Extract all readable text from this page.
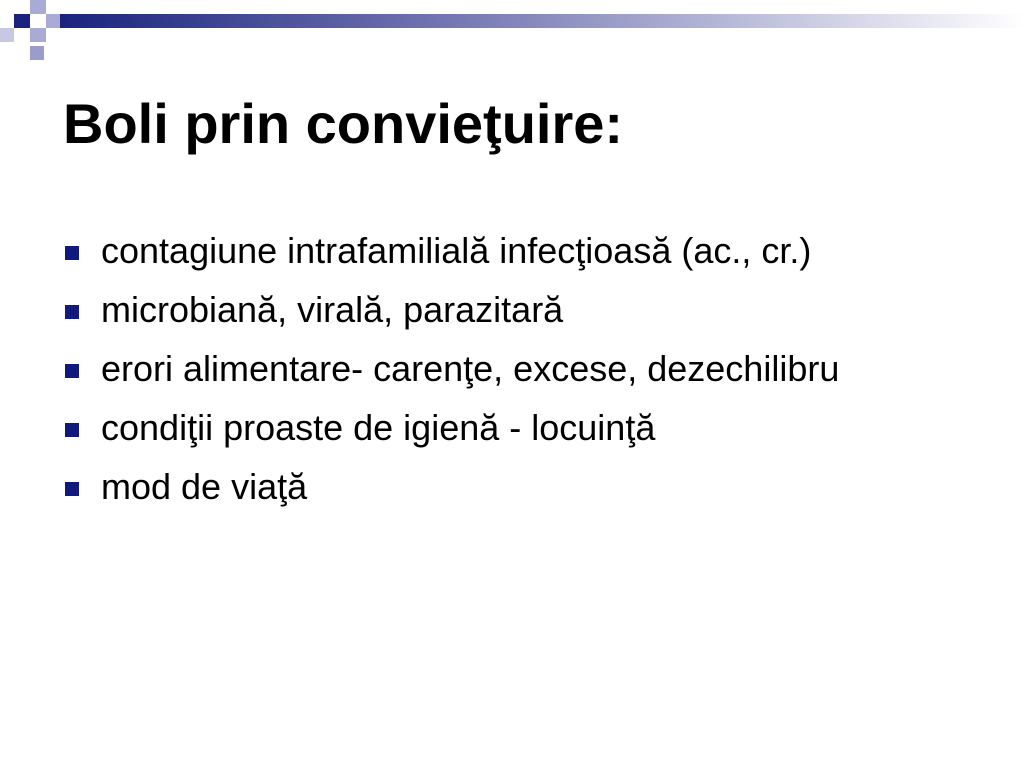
Boli prin convieţuire:
contagiune intrafamilială infecţioasă (ac., cr.)
microbiană, virală, parazitară
erori alimentare- carenţe, excese, dezechilibru
condiţii proaste de igienă - locuinţă
mod de viaţă
